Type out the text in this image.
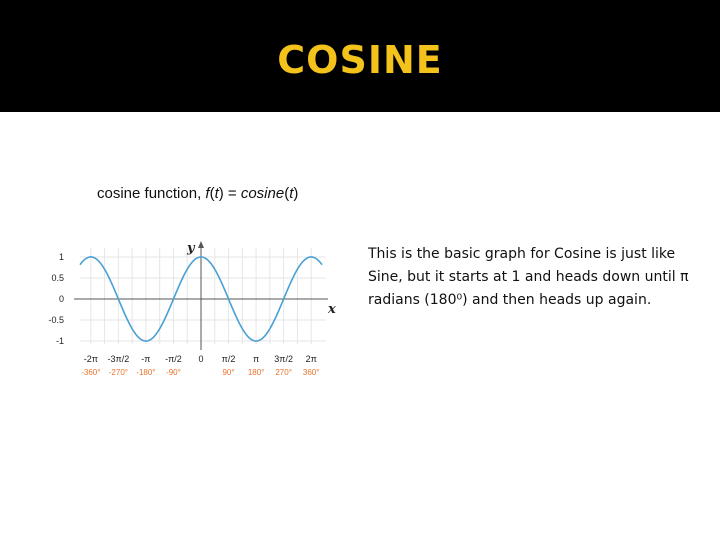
COSINE
cosine function, f(t) = cosine(t)
y
x
1
0.5
0
-0.5
-1
-2π
-360°
-3π/2
-270°
-π
-180°
-π/2
-90°
0 π/2
90°
π
180°
3π/2
270°
2π
360°
This is the basic graph for Cosine is just like Sine, but it starts at 1 and heads down until π radians (180⁰) and then heads up again.
